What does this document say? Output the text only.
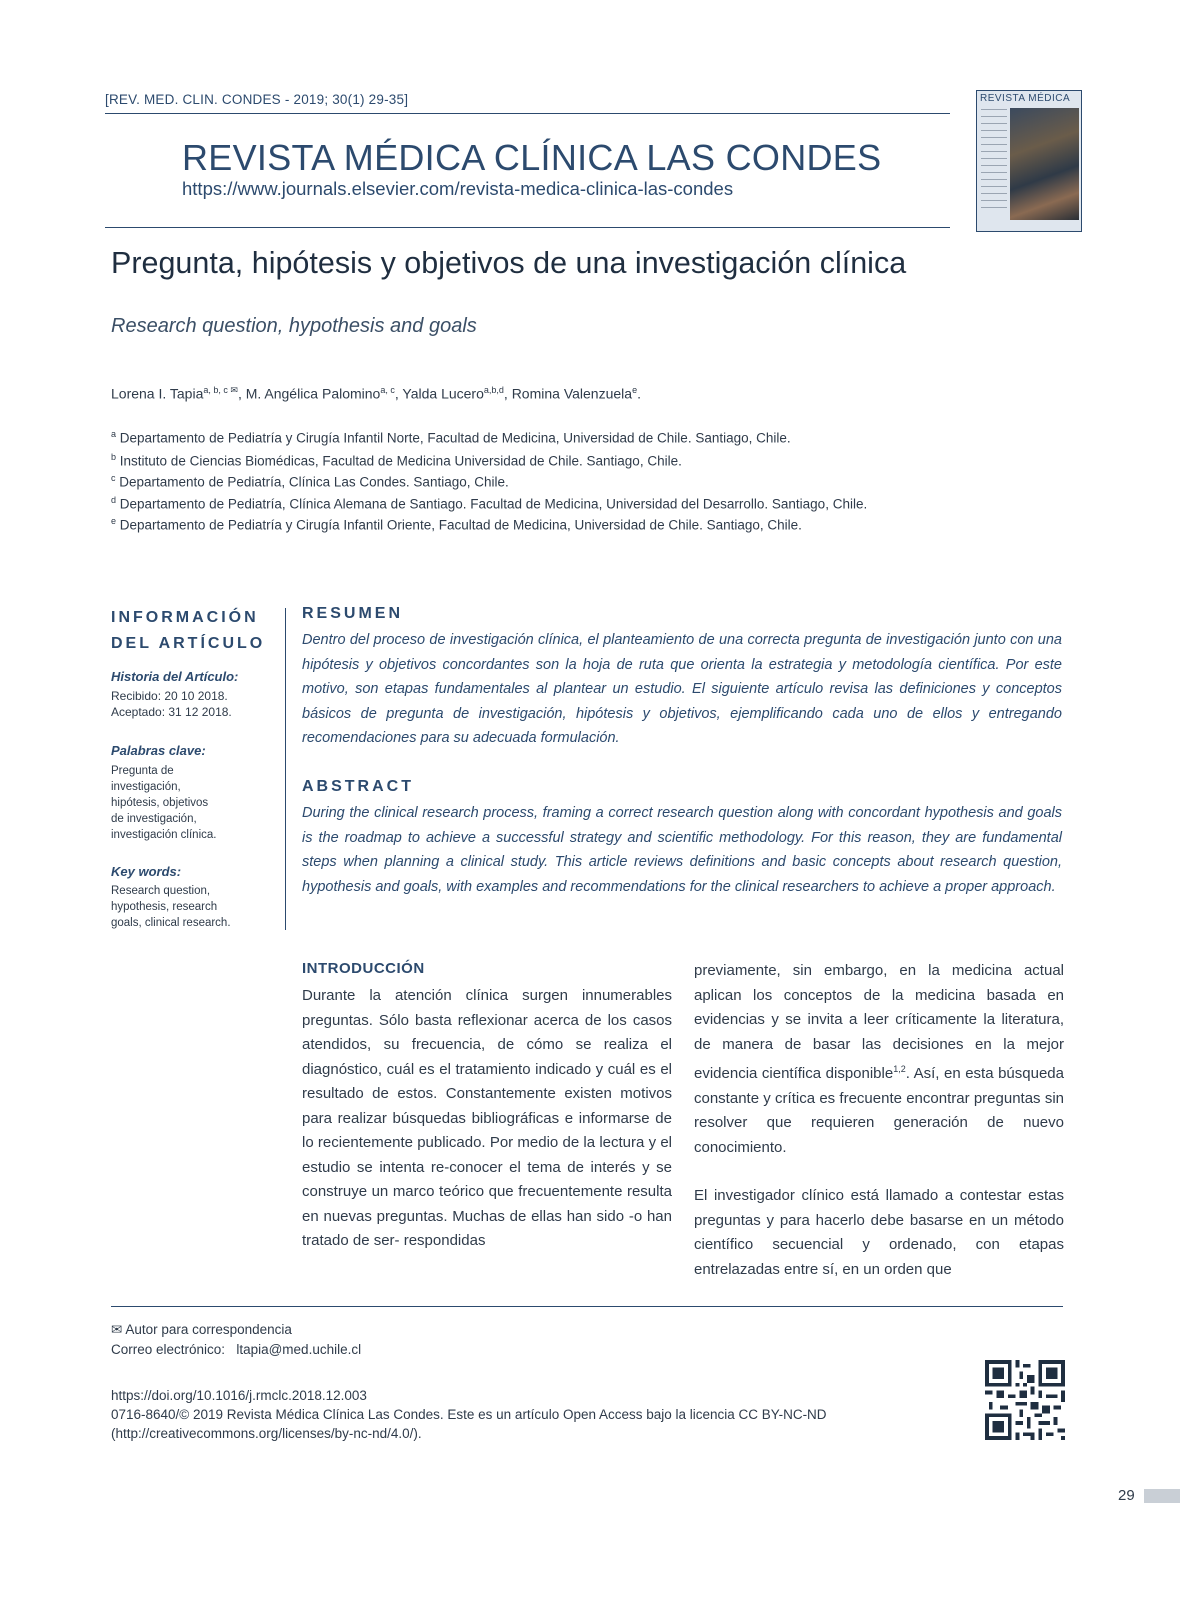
[REV. MED. CLIN. CONDES - 2019; 30(1) 29-35]
REVISTA MÉDICA CLÍNICA LAS CONDES
https://www.journals.elsevier.com/revista-medica-clinica-las-condes
REVISTA MÉDICA
Pregunta, hipótesis y objetivos de una investigación clínica
Research question, hypothesis and goals
Lorena I. Tapia$^{a, b, c ✉}$, M. Angélica Palomino$^{a, c}$, Yalda Lucero$^{a,b,d}$, Romina Valenzuela$^e$.
$^a$ Departamento de Pediatría y Cirugía Infantil Norte, Facultad de Medicina, Universidad de Chile. Santiago, Chile.
$^b$ Instituto de Ciencias Biomédicas, Facultad de Medicina Universidad de Chile. Santiago, Chile.
$^c$ Departamento de Pediatría, Clínica Las Condes. Santiago, Chile.
$^d$ Departamento de Pediatría, Clínica Alemana de Santiago. Facultad de Medicina, Universidad del Desarrollo. Santiago, Chile.
$^e$ Departamento de Pediatría y Cirugía Infantil Oriente, Facultad de Medicina, Universidad de Chile. Santiago, Chile.
INFORMACIÓN
DEL ARTÍCULO
Historia del Artículo:
Recibido: 20 10 2018.
Aceptado: 31 12 2018.
Palabras clave:
Pregunta de
investigación,
hipótesis, objetivos
de investigación,
investigación clínica.
Key words:
Research question,
hypothesis, research
goals, clinical research.
RESUMEN
Dentro del proceso de investigación clínica, el planteamiento de una correcta pregunta de investigación junto con una hipótesis y objetivos concordantes son la hoja de ruta que orienta la estrategia y metodología científica. Por este motivo, son etapas fundamentales al plantear un estudio. El siguiente artículo revisa las definiciones y conceptos básicos de pregunta de investigación, hipótesis y objetivos, ejemplificando cada uno de ellos y entregando recomendaciones para su adecuada formulación.
ABSTRACT
During the clinical research process, framing a correct research question along with concordant hypothesis and goals is the roadmap to achieve a successful strategy and scientific methodology. For this reason, they are fundamental steps when planning a clinical study. This article reviews definitions and basic concepts about research question, hypothesis and goals, with examples and recommendations for the clinical researchers to achieve a proper approach.
INTRODUCCIÓN
Durante la atención clínica surgen innumerables preguntas. Sólo basta reflexionar acerca de los casos atendidos, su frecuencia, de cómo se realiza el diagnóstico, cuál es el tratamiento indicado y cuál es el resultado de estos. Constantemente existen motivos para realizar búsquedas bibliográficas e informarse de lo recientemente publicado. Por medio de la lectura y el estudio se intenta re-conocer el tema de interés y se construye un marco teórico que frecuentemente resulta en nuevas preguntas. Muchas de ellas han sido -o han tratado de ser- respondidas
previamente, sin embargo, en la medicina actual aplican los conceptos de la medicina basada en evidencias y se invita a leer críticamente la literatura, de manera de basar las decisiones en la mejor evidencia científica disponible$^{1,2}$. Así, en esta búsqueda constante y crítica es frecuente encontrar preguntas sin resolver que requieren generación de nuevo conocimiento.
El investigador clínico está llamado a contestar estas preguntas y para hacerlo debe basarse en un método científico secuencial y ordenado, con etapas entrelazadas entre sí, en un orden que
✉ Autor para correspondencia
Correo electrónico: ltapia@med.uchile.cl
https://doi.org/10.1016/j.rmclc.2018.12.003
0716-8640/© 2019 Revista Médica Clínica Las Condes. Este es un artículo Open Access bajo la licencia CC BY-NC-ND
(http://creativecommons.org/licenses/by-nc-nd/4.0/).
29
